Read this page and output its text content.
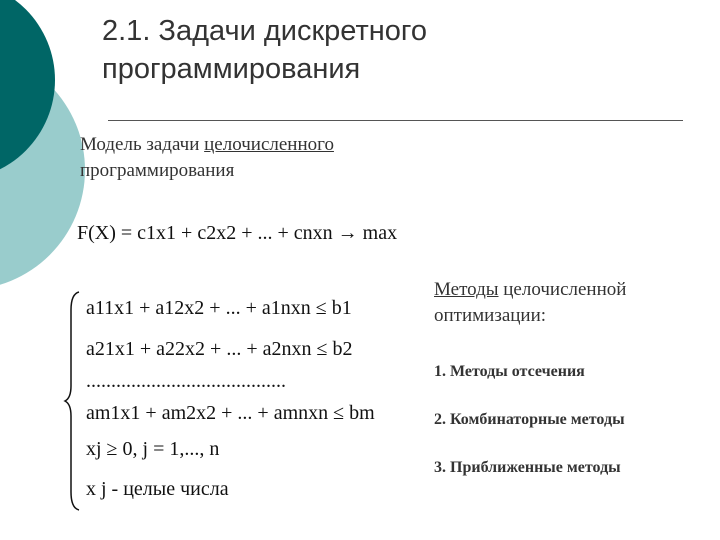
2.1. Задачи дискретного
программирования
Модель задачи целочисленного
программирования
F(X) = c1x1 + c2x2 + ... + cnxn → max
a11x1 + a12x2 + ... + a1nxn ≤ b1
a21x1 + a22x2 + ... + a2nxn ≤ b2
........................................
am1x1 + am2x2 + ... + amnxn ≤ bm
xj ≥ 0, j = 1,..., n
x j - целые числа
Методы целочисленной
оптимизации:
1. Методы отсечения
2. Комбинаторные методы
3. Приближенные методы
